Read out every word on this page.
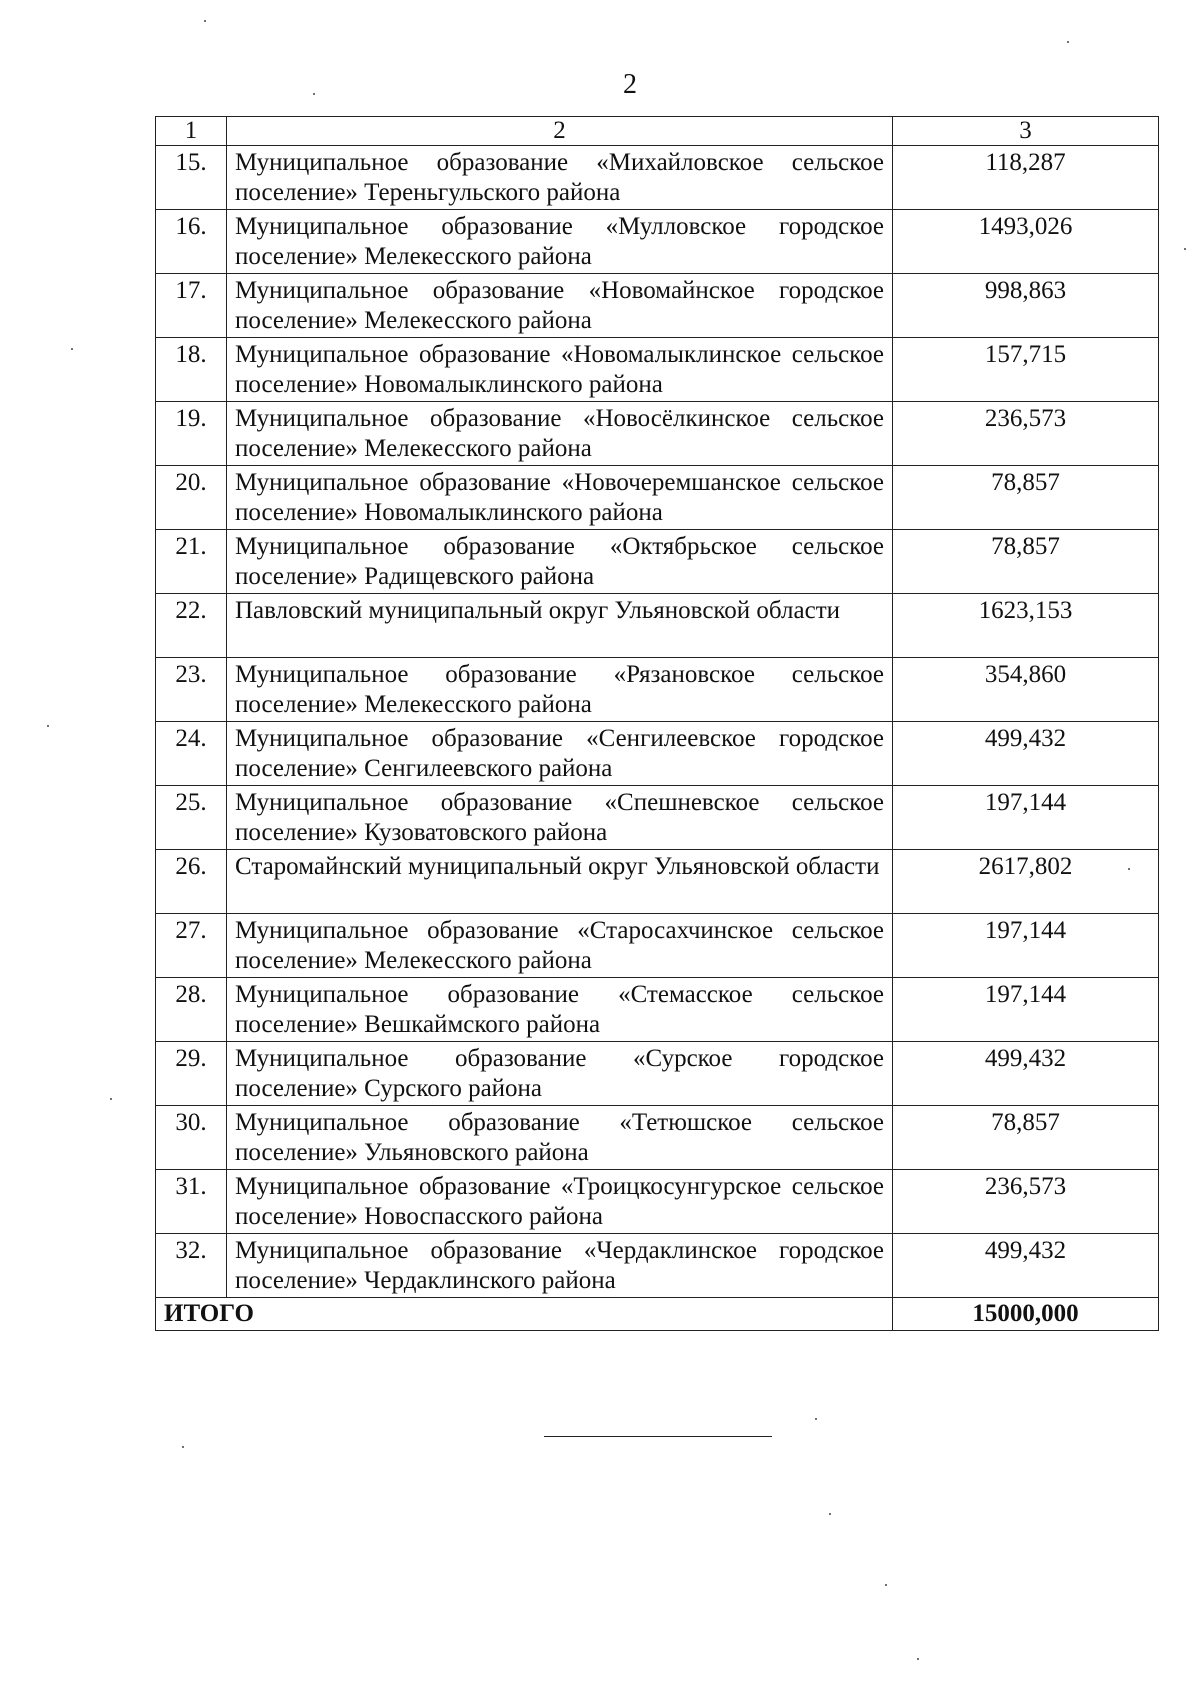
2
1	2	3
15.	Муниципальное образование «Михайловское сельское поселение» Тереньгульского района	118,287
16.	Муниципальное образование «Мулловское городское поселение» Мелекесского района	1493,026
17.	Муниципальное образование «Новомайнское городское поселение» Мелекесского района	998,863
18.	Муниципальное образование «Новомалыклинское сельское поселение» Новомалыклинского района	157,715
19.	Муниципальное образование «Новосёлкинское сельское поселение» Мелекесского района	236,573
20.	Муниципальное образование «Новочеремшанское сельское поселение» Новомалыклинского района	78,857
21.	Муниципальное образование «Октябрьское сельское поселение» Радищевского района	78,857
22.	Павловский муниципальный округ Ульяновской области	1623,153
23.	Муниципальное образование «Рязановское сельское поселение» Мелекесского района	354,860
24.	Муниципальное образование «Сенгилеевское городское поселение» Сенгилеевского района	499,432
25.	Муниципальное образование «Спешневское сельское поселение» Кузоватовского района	197,144
26.	Старомайнский муниципальный округ Ульяновской области	2617,802
27.	Муниципальное образование «Старосахчинское сельское поселение» Мелекесского района	197,144
28.	Муниципальное образование «Стемасское сельское поселение» Вешкаймского района	197,144
29.	Муниципальное образование «Сурское городское поселение» Сурского района	499,432
30.	Муниципальное образование «Тетюшское сельское поселение» Ульяновского района	78,857
31.	Муниципальное образование «Троицкосунгурское сельское поселение» Новоспасского района	236,573
32.	Муниципальное образование «Чердаклинское городское поселение» Чердаклинского района	499,432
ИТОГО		15000,000
